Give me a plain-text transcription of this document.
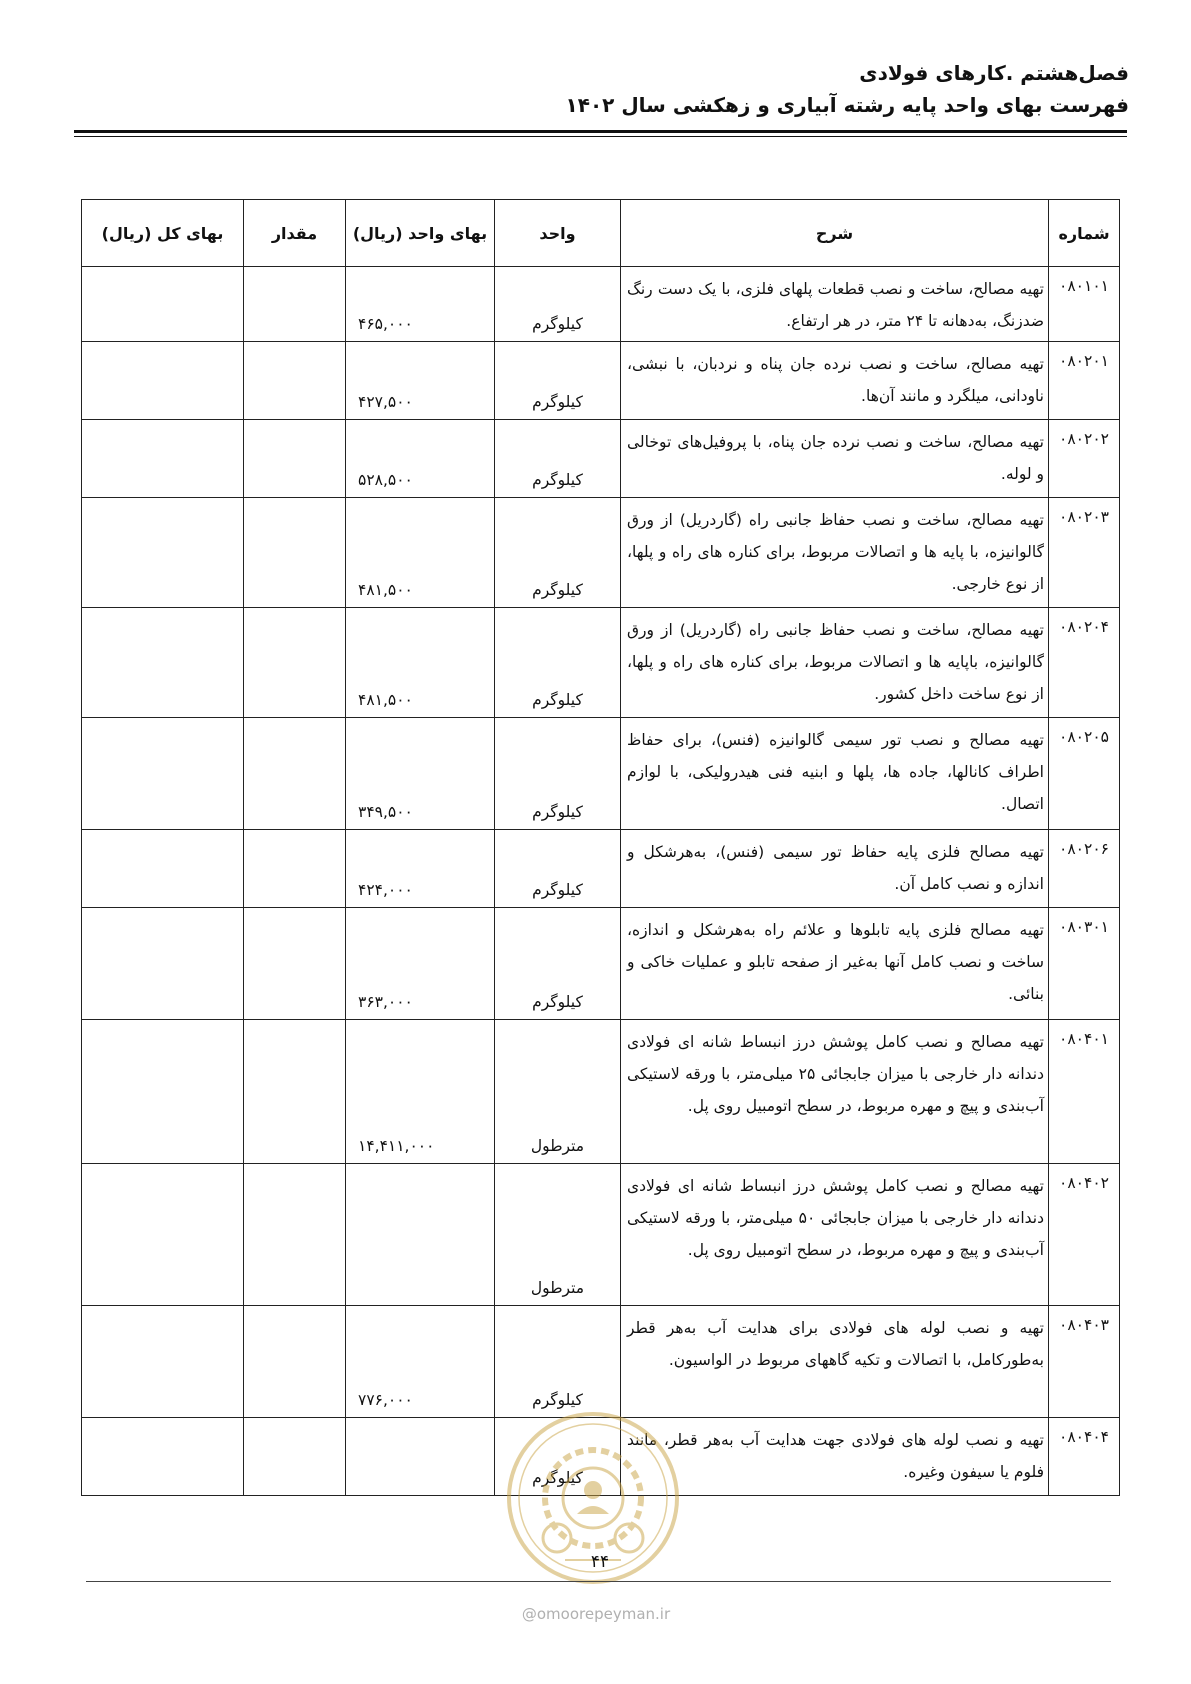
فصل‌هشتم .کارهای فولادی
فهرست بهای واحد پایه رشته آبیاری و زهکشی سال ۱۴۰۲
شماره	شرح	واحد	بهای واحد (ریال)	مقدار	بهای کل (ریال)
۰۸۰۱۰۱	تهیه مصالح، ساخت و نصب قطعات پلهای فلزی، با یک دست رنگ ضدزنگ، به‌دهانه تا ۲۴ متر، در هر ارتفاع.	کیلوگرم	۴۶۵,۰۰۰		
۰۸۰۲۰۱	تهیه مصالح، ساخت و نصب نرده جان پناه و نردبان، با نبشی، ناودانی، میلگرد و مانند آن‌ها.	کیلوگرم	۴۲۷,۵۰۰		
۰۸۰۲۰۲	تهیه مصالح، ساخت و نصب نرده جان پناه، با پروفیل‌های توخالی و لوله.	کیلوگرم	۵۲۸,۵۰۰		
۰۸۰۲۰۳	تهیه مصالح، ساخت و نصب حفاظ جانبی راه (گاردریل) از ورق گالوانیزه، با پایه ها و اتصالات مربوط، برای کناره های راه و پلها، از نوع خارجی.	کیلوگرم	۴۸۱,۵۰۰		
۰۸۰۲۰۴	تهیه مصالح، ساخت و نصب حفاظ جانبی راه (گاردریل) از ورق گالوانیزه، باپایه ها و اتصالات مربوط، برای کناره های راه و پلها، از نوع ساخت داخل کشور.	کیلوگرم	۴۸۱,۵۰۰		
۰۸۰۲۰۵	تهیه مصالح و نصب تور سیمی گالوانیزه (فنس)، برای حفاظ اطراف کانالها، جاده ها، پلها و ابنیه فنی هیدرولیکی، با لوازم اتصال.	کیلوگرم	۳۴۹,۵۰۰		
۰۸۰۲۰۶	تهیه مصالح فلزی پایه حفاظ تور سیمی (فنس)، به‌هرشکل و اندازه و نصب کامل آن.	کیلوگرم	۴۲۴,۰۰۰		
۰۸۰۳۰۱	تهیه مصالح فلزی پایه تابلوها و علائم راه به‌هرشکل و اندازه، ساخت و نصب کامل آنها به‌غیر از صفحه تابلو و عملیات خاکی و بنائی.	کیلوگرم	۳۶۳,۰۰۰		
۰۸۰۴۰۱	تهیه مصالح و نصب کامل پوشش درز انبساط شانه ای فولادی دندانه دار خارجی با میزان جابجائی ۲۵ میلی‌متر، با ورقه لاستیکی آب‌بندی و پیچ و مهره مربوط، در سطح اتومبیل روی پل.	مترطول	۱۴,۴۱۱,۰۰۰		
۰۸۰۴۰۲	تهیه مصالح و نصب کامل پوشش درز انبساط شانه ای فولادی دندانه دار خارجی با میزان جابجائی ۵۰ میلی‌متر، با ورقه لاستیکی آب‌بندی و پیچ و مهره مربوط، در سطح اتومبیل روی پل.	مترطول			
۰۸۰۴۰۳	تهیه و نصب لوله های فولادی برای هدایت آب به‌هر قطر به‌طورکامل، با اتصالات و تکیه گاههای مربوط در الواسیون.	کیلوگرم	۷۷۶,۰۰۰		
۰۸۰۴۰۴	تهیه و نصب لوله های فولادی جهت هدایت آب به‌هر قطر، مانند فلوم یا سیفون وغیره.	کیلوگرم			
۴۴
@omoorepeyman.ir
